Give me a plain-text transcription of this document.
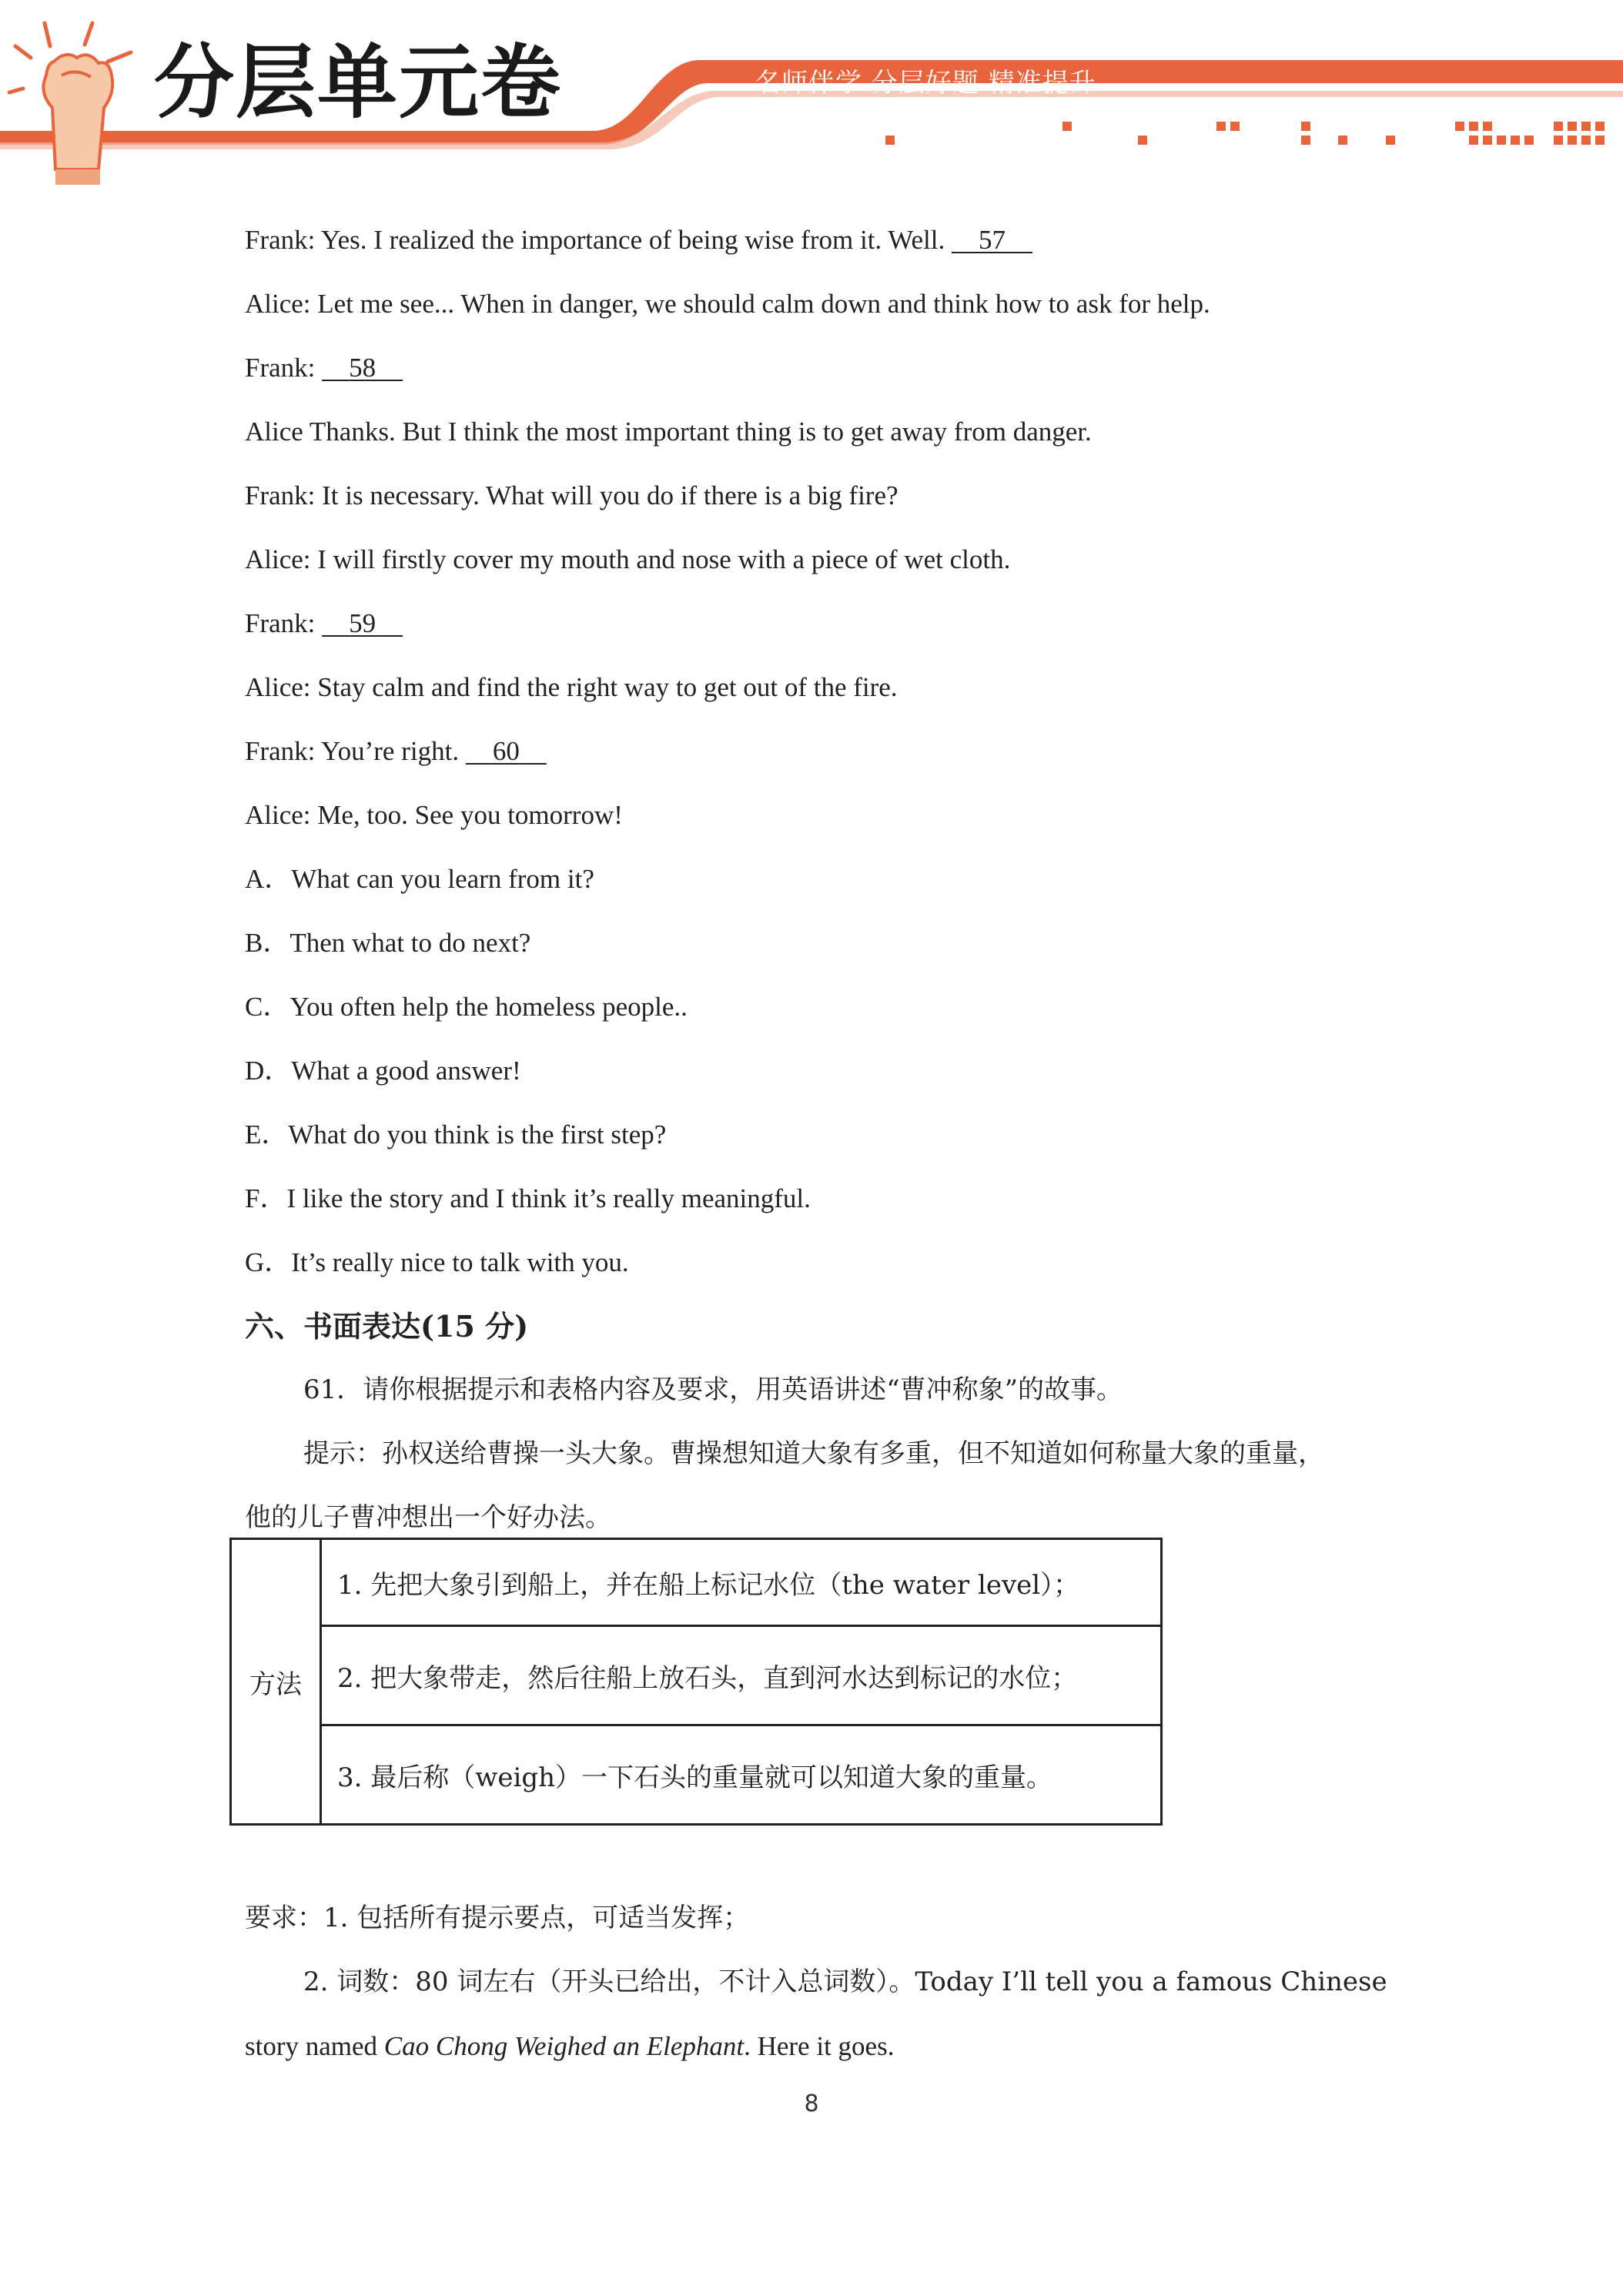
分层单元卷	名师伴学 分层好题 精准提升

Frank: Yes. I realized the importance of being wise from it. Well. 57

Alice: Let me see... When in danger, we should calm down and think how to ask for help.

Frank: 58

Alice Thanks. But I think the most important thing is to get away from danger.

Frank: It is necessary. What will you do if there is a big fire?

Alice: I will firstly cover my mouth and nose with a piece of wet cloth.

Frank: 59

Alice: Stay calm and find the right way to get out of the fire.

Frank: You’re right. 60

Alice: Me, too. See you tomorrow!

A．What can you learn from it?

B．Then what to do next?

C．You often help the homeless people..

D．What a good answer!

E．What do you think is the first step?

F．I like the story and I think it’s really meaningful.

G．It’s really nice to talk with you.

六、书面表达(15 分)

61．请你根据提示和表格内容及要求，用英语讲述“曹冲称象”的故事。

提示：孙权送给曹操一头大象。曹操想知道大象有多重，但不知道如何称量大象的重量，

他的儿子曹冲想出一个好办法。

方法	1. 先把大象引到船上，并在船上标记水位（the water level）；
2. 把大象带走，然后往船上放石头，直到河水达到标记的水位；
3. 最后称（weigh）一下石头的重量就可以知道大象的重量。

要求：1. 包括所有提示要点，可适当发挥；

2. 词数：80 词左右（开头已给出，不计入总词数）。Today I’ll tell you a famous Chinese

story named Cao Chong Weighed an Elephant. Here it goes.

8
